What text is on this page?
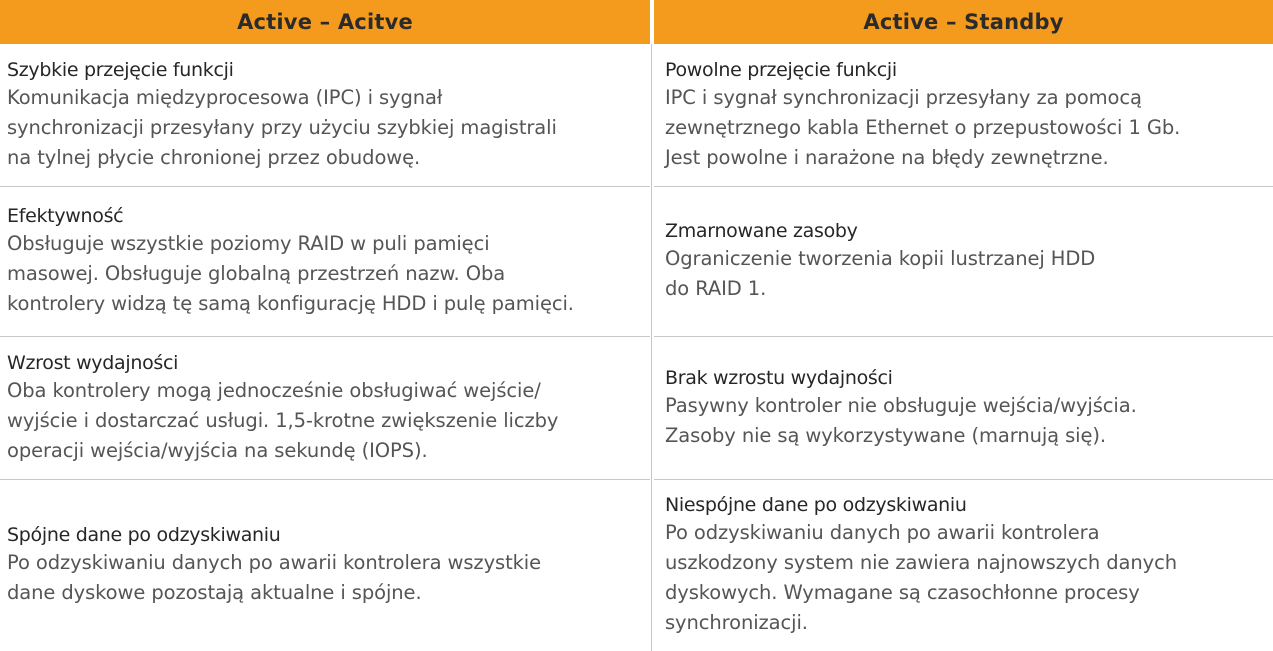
Active – Acitve
Szybkie przejęcie funkcji
Komunikacja międzyprocesowa (IPC) i sygnał
synchronizacji przesyłany przy użyciu szybkiej magistrali
na tylnej płycie chronionej przez obudowę.
Efektywność
Obsługuje wszystkie poziomy RAID w puli pamięci
masowej. Obsługuje globalną przestrzeń nazw. Oba
kontrolery widzą tę samą konfigurację HDD i pulę pamięci.
Wzrost wydajności
Oba kontrolery mogą jednocześnie obsługiwać wejście/
wyjście i dostarczać usługi. 1,5-krotne zwiększenie liczby
operacji wejścia/wyjścia na sekundę (IOPS).
Spójne dane po odzyskiwaniu
Po odzyskiwaniu danych po awarii kontrolera wszystkie
dane dyskowe pozostają aktualne i spójne.
Active – Standby
Powolne przejęcie funkcji
IPC i sygnał synchronizacji przesyłany za pomocą
zewnętrznego kabla Ethernet o przepustowości 1 Gb.
Jest powolne i narażone na błędy zewnętrzne.
Zmarnowane zasoby
Ograniczenie tworzenia kopii lustrzanej HDD
do RAID 1.
Brak wzrostu wydajności
Pasywny kontroler nie obsługuje wejścia/wyjścia.
Zasoby nie są wykorzystywane (marnują się).
Niespójne dane po odzyskiwaniu
Po odzyskiwaniu danych po awarii kontrolera
uszkodzony system nie zawiera najnowszych danych
dyskowych. Wymagane są czasochłonne procesy
synchronizacji.
